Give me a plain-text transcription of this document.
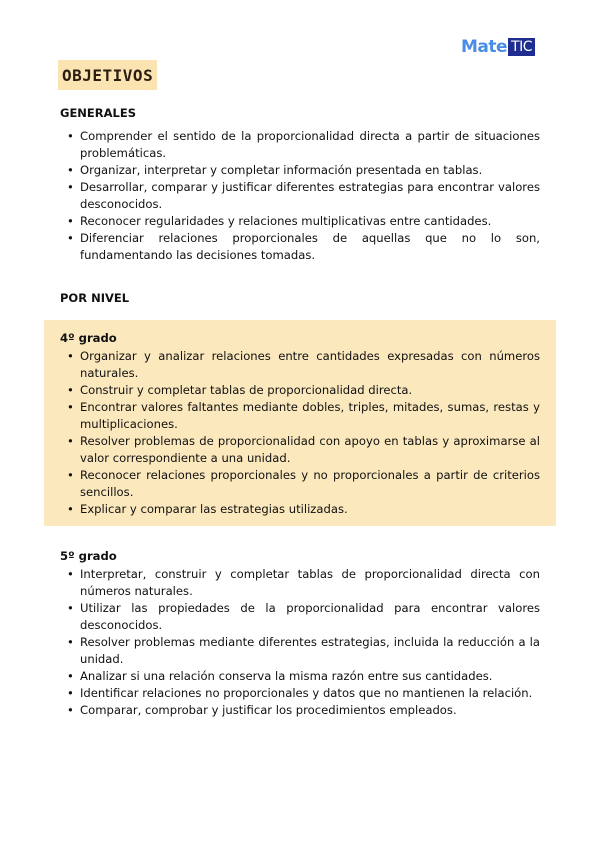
Mate TIC
OBJETIVOS
GENERALES
• Comprender el sentido de la proporcionalidad directa a partir de situaciones problemáticas.
• Organizar, interpretar y completar información presentada en tablas.
• Desarrollar, comparar y justificar diferentes estrategias para encontrar valores desconocidos.
• Reconocer regularidades y relaciones multiplicativas entre cantidades.
• Diferenciar relaciones proporcionales de aquellas que no lo son, fundamentando las decisiones tomadas.
POR NIVEL
4º grado
• Organizar y analizar relaciones entre cantidades expresadas con números naturales.
• Construir y completar tablas de proporcionalidad directa.
• Encontrar valores faltantes mediante dobles, triples, mitades, sumas, restas y multiplicaciones.
• Resolver problemas de proporcionalidad con apoyo en tablas y aproximarse al valor correspondiente a una unidad.
• Reconocer relaciones proporcionales y no proporcionales a partir de criterios sencillos.
• Explicar y comparar las estrategias utilizadas.
5º grado
• Interpretar, construir y completar tablas de proporcionalidad directa con números naturales.
• Utilizar las propiedades de la proporcionalidad para encontrar valores desconocidos.
• Resolver problemas mediante diferentes estrategias, incluida la reducción a la unidad.
• Analizar si una relación conserva la misma razón entre sus cantidades.
• Identificar relaciones no proporcionales y datos que no mantienen la relación.
• Comparar, comprobar y justificar los procedimientos empleados.
